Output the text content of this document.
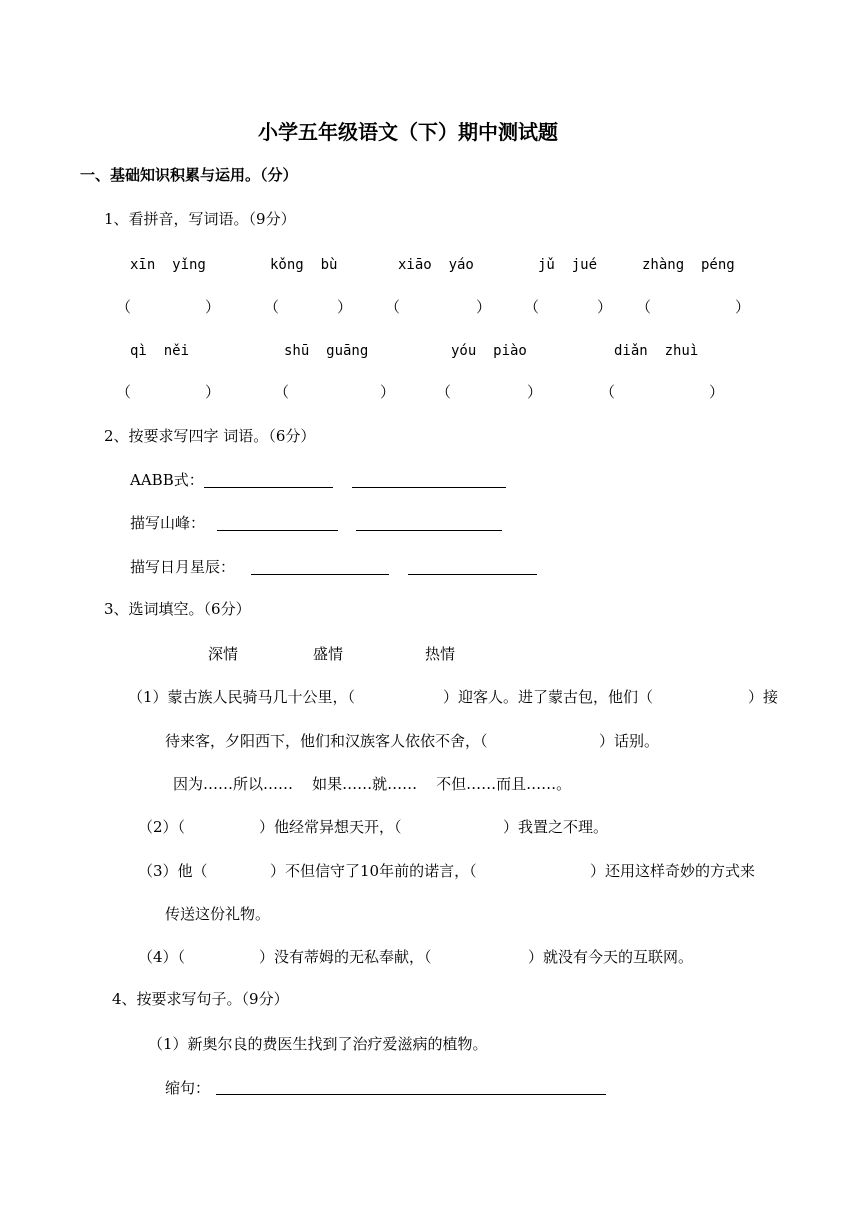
小学五年级语文（下）期中测试题
一、基础知识积累与运用。（分）
1、看拼音，写词语。（9分）
xīn  yǐng	kǒng  bù	xiāo  yáo	jǔ  jué	zhàng  péng
（	）	（	） （	） （	） （	）
qì  něi	shū  guāng	yóu  piào	diǎn  zhuì
（	）	（	）	（	）	（	）
2、按要求写四字 词语。（6分）
AABB式：
描写山峰：
描写日月星辰：
3、选词填空。（6分）
深情	盛情	热情
（1）蒙古族人民骑马几十公里，（	）迎客人。进了蒙古包，他们（	）接
待来客，夕阳西下，他们和汉族客人依依不舍，（	）话别。
因为……所以……    如果……就……    不但……而且……。
（2）（	）他经常异想天开，（	）我置之不理。
（3）他（	）不但信守了10年前的诺言，（	）还用这样奇妙的方式来
传送这份礼物。
（4）（	）没有蒂姆的无私奉献，（	）就没有今天的互联网。
4、按要求写句子。（9分）
（1）新奥尔良的费医生找到了治疗爱滋病的植物。
缩句：
